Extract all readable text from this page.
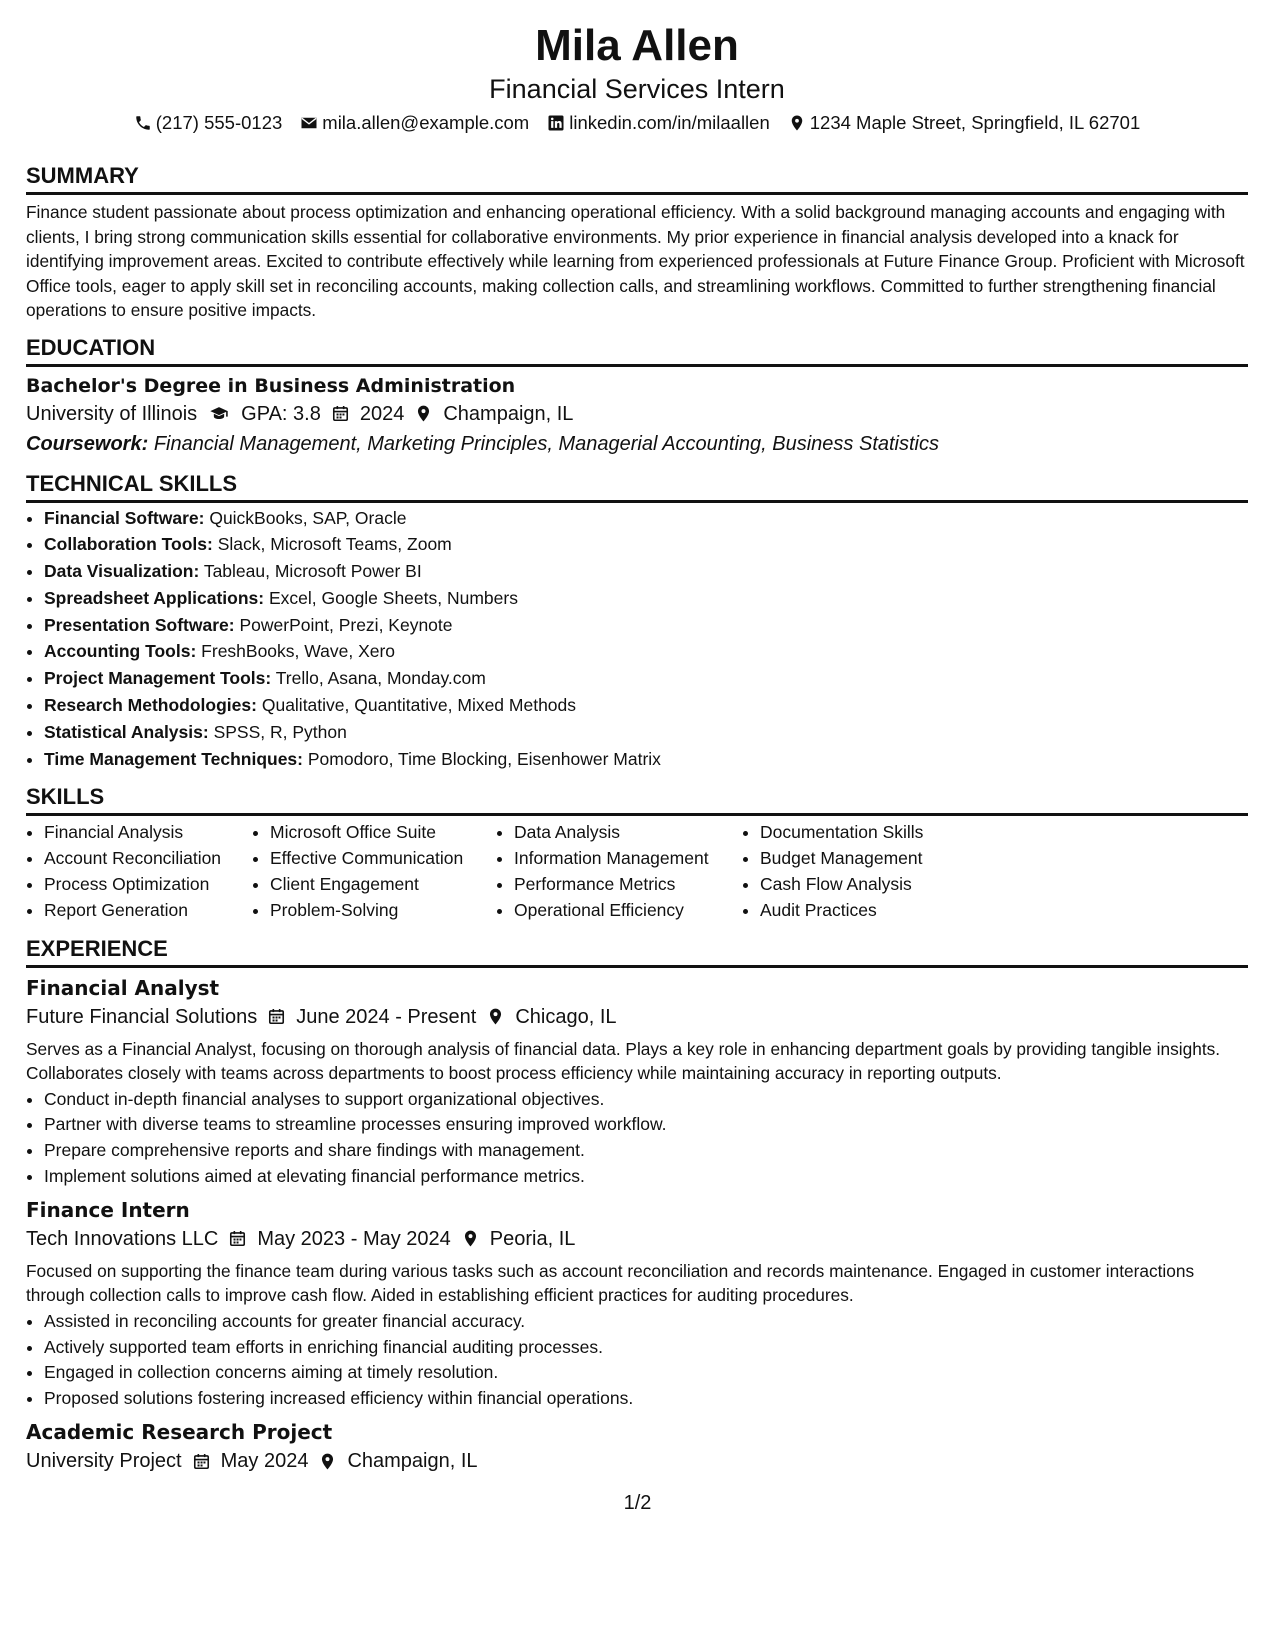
Mila Allen
Financial Services Intern
(217) 555-0123 mila.allen@example.com linkedin.com/in/milaallen 1234 Maple Street, Springfield, IL 62701
SUMMARY

Finance student passionate about process optimization and enhancing operational efficiency. With a solid background managing accounts and engaging with clients, I bring strong communication skills essential for collaborative environments. My prior experience in financial analysis developed into a knack for identifying improvement areas. Excited to contribute effectively while learning from experienced professionals at Future Finance Group. Proficient with Microsoft Office tools, eager to apply skill set in reconciling accounts, making collection calls, and streamlining workflows. Committed to further strengthening financial operations to ensure positive impacts.

EDUCATION
Bachelor's Degree in Business Administration
University of Illinois GPA: 3.8 2024 Champaign, IL
Coursework: Financial Management, Marketing Principles, Managerial Accounting, Business Statistics
TECHNICAL SKILLS
• Financial Software: QuickBooks, SAP, Oracle
• Collaboration Tools: Slack, Microsoft Teams, Zoom
• Data Visualization: Tableau, Microsoft Power BI
• Spreadsheet Applications: Excel, Google Sheets, Numbers
• Presentation Software: PowerPoint, Prezi, Keynote
• Accounting Tools: FreshBooks, Wave, Xero
• Project Management Tools: Trello, Asana, Monday.com
• Research Methodologies: Qualitative, Quantitative, Mixed Methods
• Statistical Analysis: SPSS, R, Python
• Time Management Techniques: Pomodoro, Time Blocking, Eisenhower Matrix
SKILLS
• Financial Analysis
• Account Reconciliation
• Process Optimization
• Report Generation
• Microsoft Office Suite
• Effective Communication
• Client Engagement
• Problem-Solving
• Data Analysis
• Information Management
• Performance Metrics
• Operational Efficiency
• Documentation Skills
• Budget Management
• Cash Flow Analysis
• Audit Practices
EXPERIENCE
Financial Analyst
Future Financial Solutions June 2024 - Present Chicago, IL

Serves as a Financial Analyst, focusing on thorough analysis of financial data. Plays a key role in enhancing department goals by providing tangible insights. Collaborates closely with teams across departments to boost process efficiency while maintaining accuracy in reporting outputs.

• Conduct in-depth financial analyses to support organizational objectives.
• Partner with diverse teams to streamline processes ensuring improved workflow.
• Prepare comprehensive reports and share findings with management.
• Implement solutions aimed at elevating financial performance metrics.
Finance Intern
Tech Innovations LLC May 2023 - May 2024 Peoria, IL

Focused on supporting the finance team during various tasks such as account reconciliation and records maintenance. Engaged in customer interactions through collection calls to improve cash flow. Aided in establishing efficient practices for auditing procedures.

• Assisted in reconciling accounts for greater financial accuracy.
• Actively supported team efforts in enriching financial auditing processes.
• Engaged in collection concerns aiming at timely resolution.
• Proposed solutions fostering increased efficiency within financial operations.
Academic Research Project
University Project May 2024 Champaign, IL
1/2
